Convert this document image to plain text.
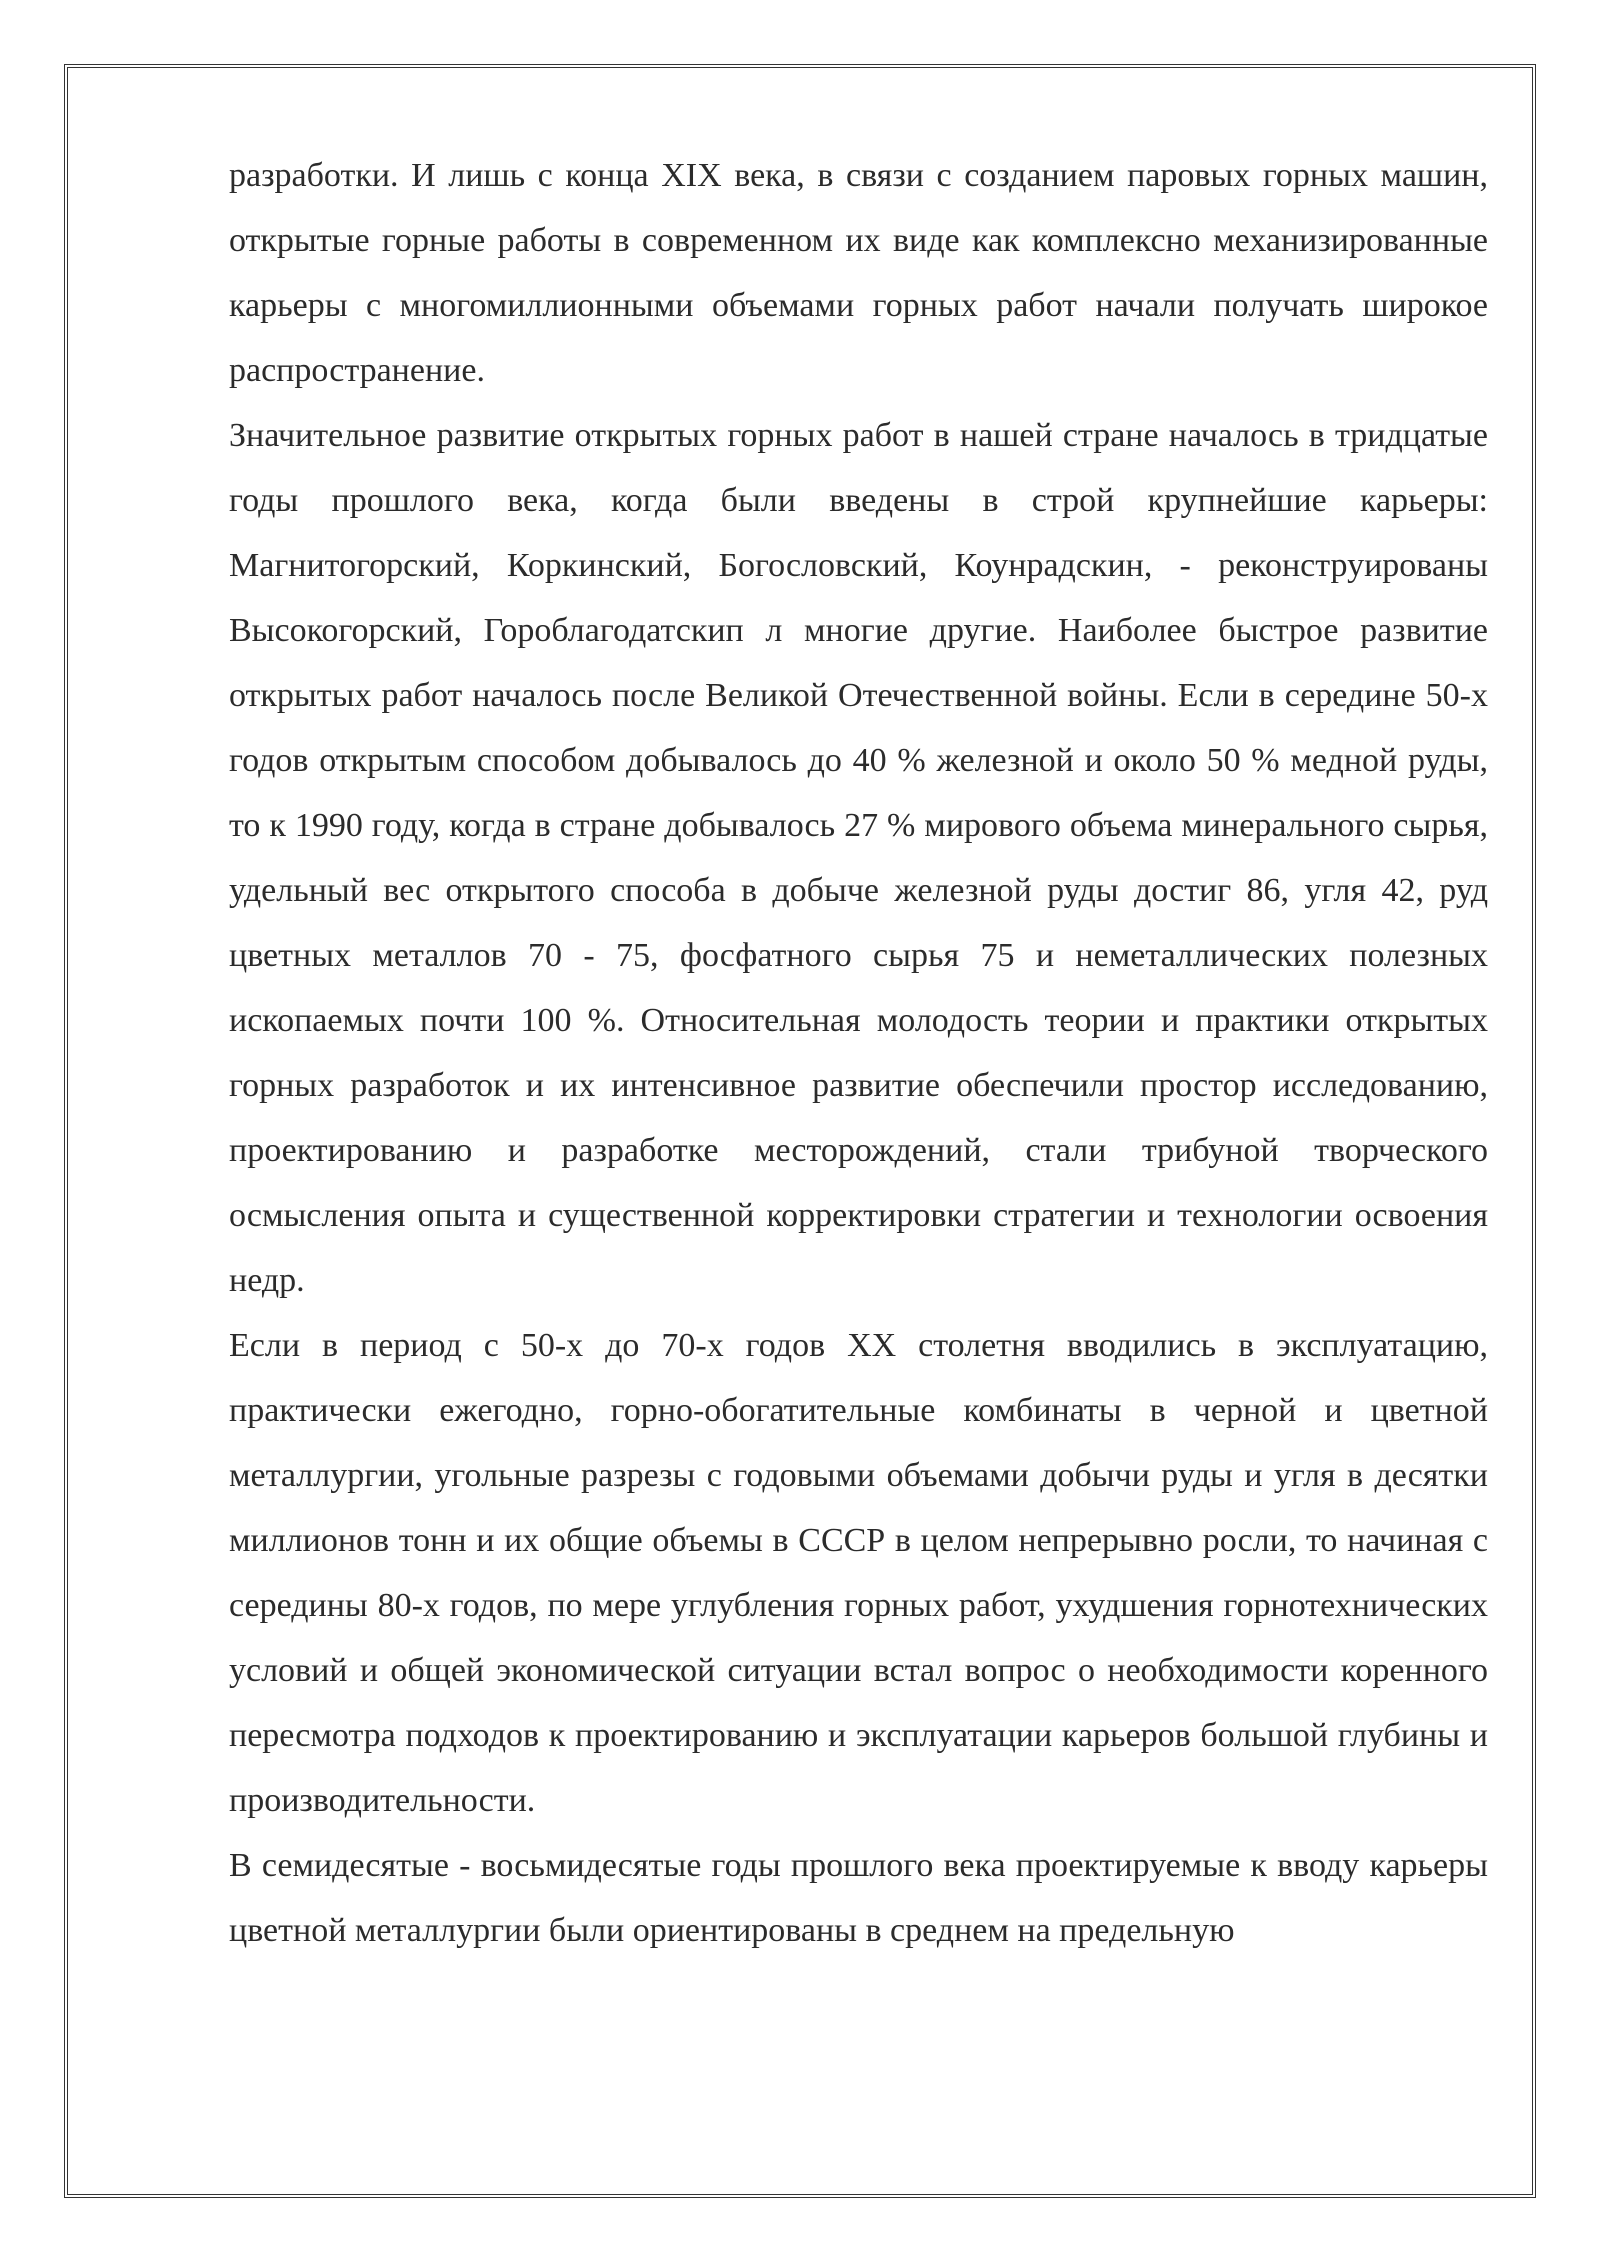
разработки. И лишь с конца XIX века, в связи с созданием паровых горных машин, открытые горные работы в современном их виде как комплексно механизированные карьеры с многомиллионными объемами горных работ начали получать широкое распространение.

Значительное развитие открытых горных работ в нашей стране началось в тридцатые годы прошлого века, когда были введены в строй крупнейшие карьеры: Магнитогорский, Коркинский, Богословский, Коунрадскин, - реконструированы Высокогорский, Гороблагодатскип л многие другие. Наиболее быстрое развитие открытых работ началось после Великой Отечественной войны. Если в середине 50-х годов открытым способом добывалось до 40 % железной и около 50 % медной руды, то к 1990 году, когда в стране добывалось 27 % мирового объема минерального сырья, удельный вес открытого способа в добыче железной руды достиг 86, угля 42, руд цветных металлов 70 - 75, фосфатного сырья 75 и неметаллических полезных ископаемых почти 100 %. Относительная молодость теории и практики открытых горных разработок и их интенсивное развитие обеспечили простор исследованию, проектированию и разработке месторождений, стали трибуной творческого осмысления опыта и существенной корректировки стратегии и технологии освоения недр.

Если в период с 50-х до 70-х годов XX столетня вводились в эксплуатацию, практически ежегодно, горно-обогатительные комбинаты в черной и цветной металлургии, угольные разрезы с годовыми объемами добычи руды и угля в десятки миллионов тонн и их общие объемы в СССР в целом непрерывно росли, то начиная с середины 80-х годов, по мере углубления горных работ, ухудшения горнотехнических условий и общей экономической ситуации встал вопрос о необходимости коренного пересмотра подходов к проектированию и эксплуатации карьеров большой глубины и производительности.

В семидесятые - восьмидесятые годы прошлого века проектируемые к вводу карьеры цветной металлургии были ориентированы в среднем на предельную
